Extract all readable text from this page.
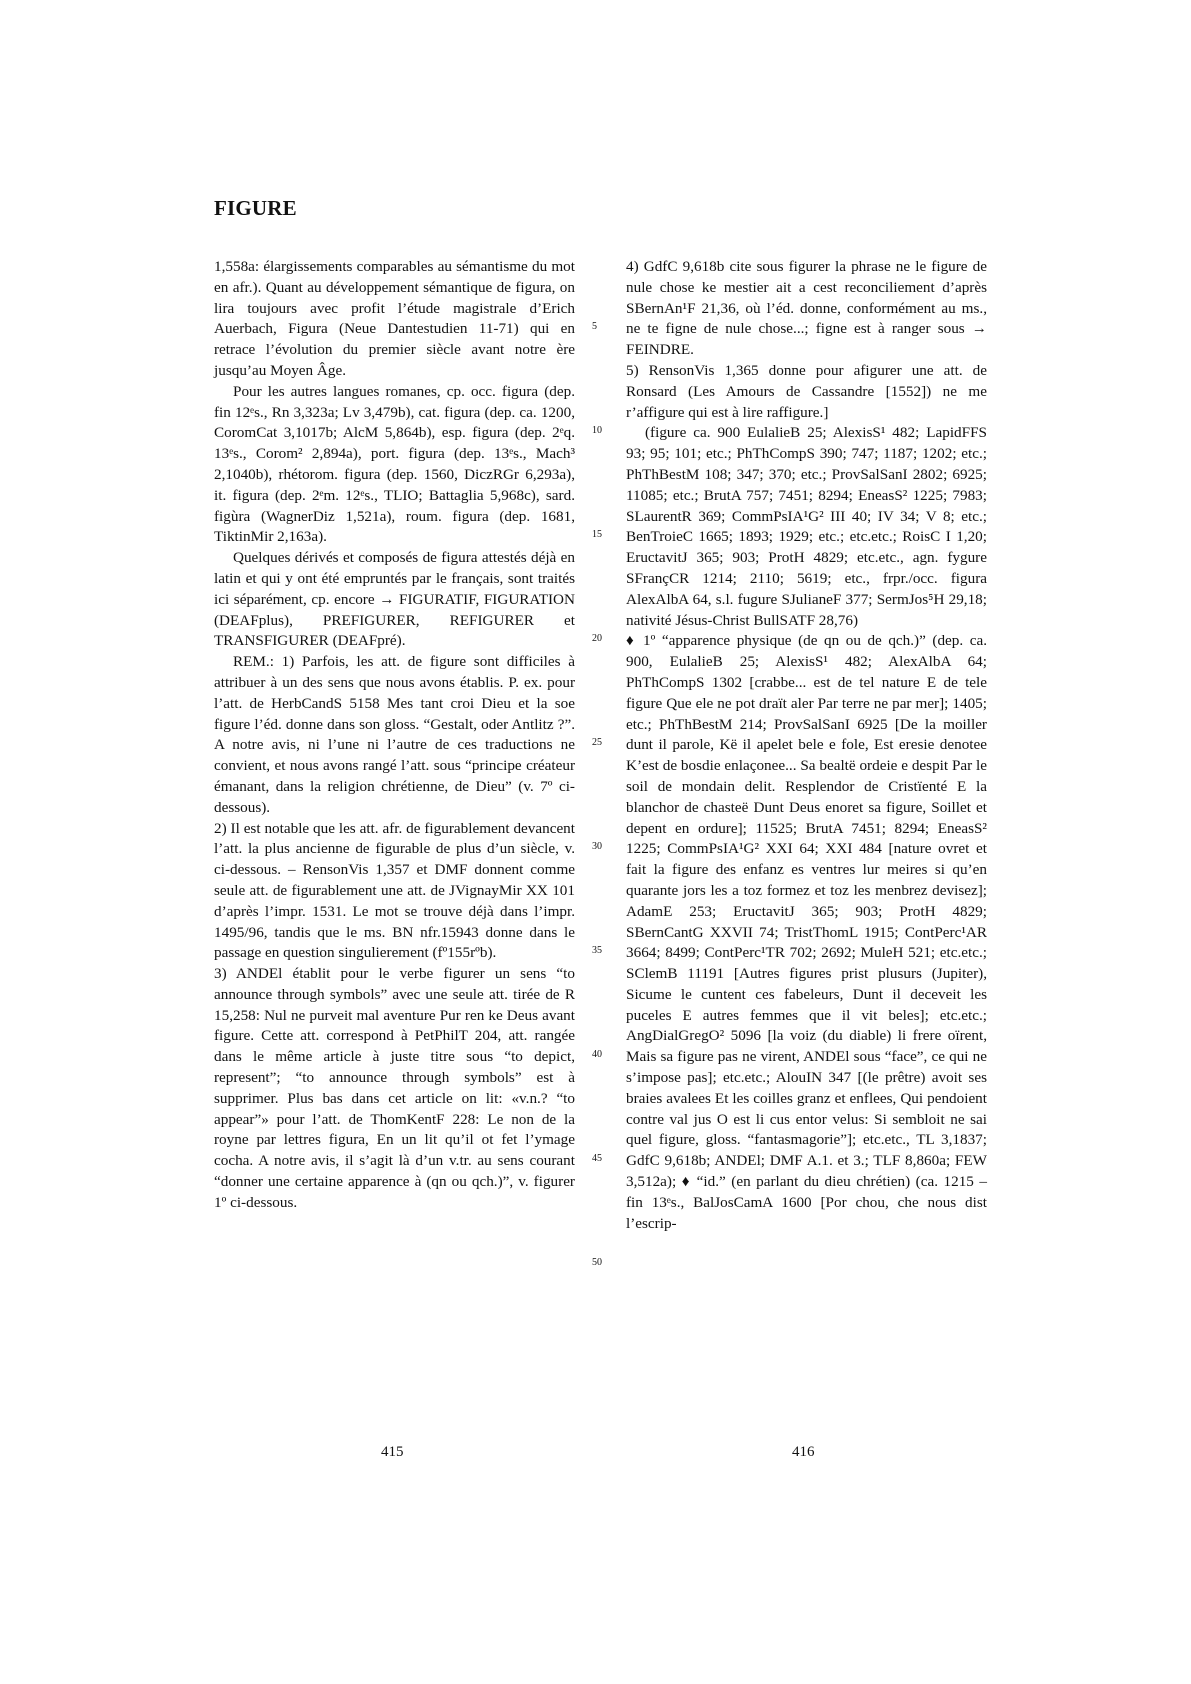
FIGURE

1,558a: élargissements comparables au sémantisme du mot en afr.). Quant au développement sémantique de figura, on lira toujours avec profit l’étude magistrale d’Erich Auerbach, Figura (Neue Dantestudien 11-71) qui en retrace l’évolution du premier siècle avant notre ère jusqu’au Moyen Âge.

Pour les autres langues romanes, cp. occ. figura (dep. fin 12ᵉs., Rn 3,323a; Lv 3,479b), cat. figura (dep. ca. 1200, CoromCat 3,1017b; AlcM 5,864b), esp. figura (dep. 2ᵉq. 13ᵉs., Corom² 2,894a), port. figura (dep. 13ᵉs., Mach³ 2,1040b), rhétorom. figura (dep. 1560, DiczRGr 6,293a), it. figura (dep. 2ᵉm. 12ᵉs., TLIO; Battaglia 5,968c), sard. figùra (WagnerDiz 1,521a), roum. figura (dep. 1681, TiktinMir 2,163a).

Quelques dérivés et composés de figura attestés déjà en latin et qui y ont été empruntés par le français, sont traités ici séparément, cp. encore → FIGURATIF, FIGURATION (DEAFplus), PREFIGURER, REFIGURER et TRANSFIGURER (DEAFpré).

REM.: 1) Parfois, les att. de figure sont difficiles à attribuer à un des sens que nous avons établis. P. ex. pour l’att. de HerbCandS 5158 Mes tant croi Dieu et la soe figure l’éd. donne dans son gloss. “Gestalt, oder Antlitz ?”. A notre avis, ni l’une ni l’autre de ces traductions ne convient, et nous avons rangé l’att. sous “principe créateur émanant, dans la religion chrétienne, de Dieu” (v. 7º ci-dessous).

2) Il est notable que les att. afr. de figurablement devancent l’att. la plus ancienne de figurable de plus d’un siècle, v. ci-dessous. – RensonVis 1,357 et DMF donnent comme seule att. de figurablement une att. de JVignayMir XX 101 d’après l’impr. 1531. Le mot se trouve déjà dans l’impr. 1495/96, tandis que le ms. BN nfr.15943 donne dans le passage en question singulierement (fº155rºb).

3) ANDEl établit pour le verbe figurer un sens “to announce through symbols” avec une seule att. tirée de R 15,258: Nul ne purveit mal aventure Pur ren ke Deus avant figure. Cette att. correspond à PetPhilT 204, att. rangée dans le même article à juste titre sous “to depict, represent”; “to announce through symbols” est à supprimer. Plus bas dans cet article on lit: «v.n.? “to appear”» pour l’att. de ThomKentF 228: Le non de la royne par lettres figura, En un lit qu’il ot fet l’ymage cocha. A notre avis, il s’agit là d’un v.tr. au sens courant “donner une certaine apparence à (qn ou qch.)”, v. figurer 1º ci-dessous.

5
10
15
20
25
30
35
40
45
50

4) GdfC 9,618b cite sous figurer la phrase ne le figure de nule chose ke mestier ait a cest reconciliement d’après SBernAn¹F 21,36, où l’éd. donne, conformément au ms., ne te figne de nule chose...; figne est à ranger sous → FEINDRE.

5) RensonVis 1,365 donne pour afigurer une att. de Ronsard (Les Amours de Cassandre [1552]) ne me r’affigure qui est à lire raffigure.]

(figure ca. 900 EulalieB 25; AlexisS¹ 482; LapidFFS 93; 95; 101; etc.; PhThCompS 390; 747; 1187; 1202; etc.; PhThBestM 108; 347; 370; etc.; ProvSalSanI 2802; 6925; 11085; etc.; BrutA 757; 7451; 8294; EneasS² 1225; 7983; SLaurentR 369; CommPsIA¹G² III 40; IV 34; V 8; etc.; BenTroieC 1665; 1893; 1929; etc.; etc.etc.; RoisC I 1,20; EructavitJ 365; 903; ProtH 4829; etc.etc., agn. fygure SFrançCR 1214; 2110; 5619; etc., frpr./occ. figura AlexAlbA 64, s.l. fugure SJulianeF 377; SermJos⁵H 29,18; nativité Jésus-Christ BullSATF 28,76)

♦ 1º “apparence physique (de qn ou de qch.)” (dep. ca. 900, EulalieB 25; AlexisS¹ 482; AlexAlbA 64; PhThCompS 1302 [crabbe... est de tel nature E de tele figure Que ele ne pot draït aler Par terre ne par mer]; 1405; etc.; PhThBestM 214; ProvSalSanI 6925 [De la moiller dunt il parole, Kë il apelet bele e fole, Est eresie denotee K’est de bosdie enlaçonee... Sa bealtë ordeie e despit Par le soil de mondain delit. Resplendor de Cristïenté E la blanchor de chasteë Dunt Deus enoret sa figure, Soillet et depent en ordure]; 11525; BrutA 7451; 8294; EneasS² 1225; CommPsIA¹G² XXI 64; XXI 484 [nature ovret et fait la figure des enfanz es ventres lur meires si qu’en quarante jors les a toz formez et toz les menbrez devisez]; AdamE 253; EructavitJ 365; 903; ProtH 4829; SBernCantG XXVII 74; TristThomL 1915; ContPerc¹AR 3664; 8499; ContPerc¹TR 702; 2692; MuleH 521; etc.etc.; SClemB 11191 [Autres figures prist plusurs (Jupiter), Sicume le cuntent ces fabeleurs, Dunt il deceveit les puceles E autres femmes que il vit beles]; etc.etc.; AngDialGregO² 5096 [la voiz (du diable) li frere oïrent, Mais sa figure pas ne virent, ANDEl sous “face”, ce qui ne s’impose pas]; etc.etc.; AlouIN 347 [(le prêtre) avoit ses braies avalees Et les coilles granz et enflees, Qui pendoient contre val jus O est li cus entor velus: Si sembloit ne sai quel figure, gloss. “fantasmagorie”]; etc.etc., TL 3,1837; GdfC 9,618b; ANDEl; DMF A.1. et 3.; TLF 8,860a; FEW 3,512a); ♦ “id.” (en parlant du dieu chrétien) (ca. 1215 – fin 13ᵉs., BalJosCamA 1600 [Por chou, che nous dist l’escrip-

415	416
